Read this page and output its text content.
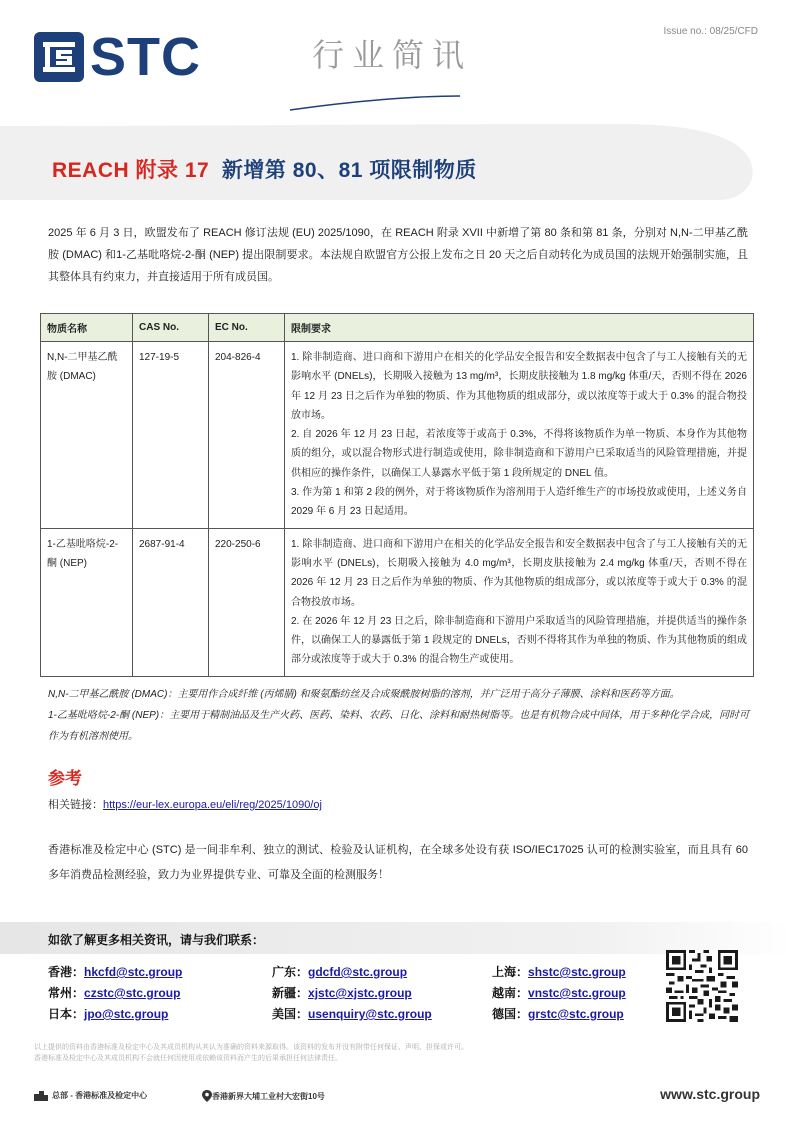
Issue no.: 08/25/CFD
STC	行业简讯
REACH 附录 17 新增第 80、81 项限制物质
2025 年 6 月 3 日，欧盟发布了 REACH 修订法规 (EU) 2025/1090，在 REACH 附录 XVII 中新增了第 80 条和第 81 条，分别对 N,N-二甲基乙酰胺 (DMAC) 和1-乙基吡咯烷-2-酮 (NEP) 提出限制要求。本法规自欧盟官方公报上发布之日 20 天之后自动转化为成员国的法规开始强制实施，且其整体具有约束力，并直接适用于所有成员国。
物质名称	CAS No.	EC No.	限制要求
N,N-二甲基乙酰胺 (DMAC)	127-19-5	204-826-4	1. 除非制造商、进口商和下游用户在相关的化学品安全报告和安全数据表中包含了与工人接触有关的无影响水平 (DNELs)，长期吸入接触为 13 mg/m³，长期皮肤接触为 1.8 mg/kg 体重/天，否则不得在 2026 年 12 月 23 日之后作为单独的物质、作为其他物质的组成部分，或以浓度等于或大于 0.3% 的混合物投放市场。

2. 自 2026 年 12 月 23 日起，若浓度等于或高于 0.3%，不得将该物质作为单一物质、本身作为其他物质的组分，或以混合物形式进行制造或使用，除非制造商和下游用户已采取适当的风险管理措施，并提供相应的操作条件，以确保工人暴露水平低于第 1 段所规定的 DNEL 值。

3. 作为第 1 和第 2 段的例外，对于将该物质作为溶剂用于人造纤维生产的市场投放或使用，上述义务自 2029 年 6 月 23 日起适用。

1-乙基吡咯烷-2-酮 (NEP)	2687-91-4	220-250-6	1. 除非制造商、进口商和下游用户在相关的化学品安全报告和安全数据表中包含了与工人接触有关的无影响水平 (DNELs)，长期吸入接触为 4.0 mg/m³，长期皮肤接触为 2.4 mg/kg 体重/天，否则不得在 2026 年 12 月 23 日之后作为单独的物质、作为其他物质的组成部分，或以浓度等于或大于 0.3% 的混合物投放市场。

2. 在 2026 年 12 月 23 日之后，除非制造商和下游用户采取适当的风险管理措施，并提供适当的操作条件，以确保工人的暴露低于第 1 段规定的 DNELs，否则不得将其作为单独的物质、作为其他物质的组成部分或浓度等于或大于 0.3% 的混合物生产或使用。

N,N-二甲基乙酰胺 (DMAC)：主要用作合成纤维 (丙烯腈) 和聚氨酯纺丝及合成聚酰胺树脂的溶剂，并广泛用于高分子薄膜、涂料和医药等方面。

1-乙基吡咯烷-2-酮 (NEP)：主要用于精制油品及生产火药、医药、染料、农药、日化、涂料和耐热树脂等。也是有机物合成中间体，用于多种化学合成，同时可作为有机溶剂使用。

参考
相关链接：https://eur-lex.europa.eu/eli/reg/2025/1090/oj
香港标准及检定中心 (STC) 是一间非牟利、独立的测试、检验及认证机构，在全球多处设有获 ISO/IEC17025 认可的检测实验室，而且具有 60 多年消费品检测经验，致力为业界提供专业、可靠及全面的检测服务！
如欲了解更多相关资讯，请与我们联系：
香港：hkcfd@stc.group	广东：gdcfd@stc.group	上海：shstc@stc.group
常州：czstc@stc.group	新疆：xjstc@xjstc.group	越南：vnstc@stc.group
日本：jpo@stc.group	美国：usenquiry@stc.group	德国：grstc@stc.group

以上提供的资料由香港标准及检定中心及其成员机构从其认为准确的资料来源取得。该资料的发布并没有附带任何保证、声明、担保或许可。

香港标准及检定中心及其成员机构不会就任何因使用或依赖该资料而产生的后果承担任何法律责任。

总部 - 香港标准及检定中心	香港新界大埔工业村大宏街10号	www.stc.group
